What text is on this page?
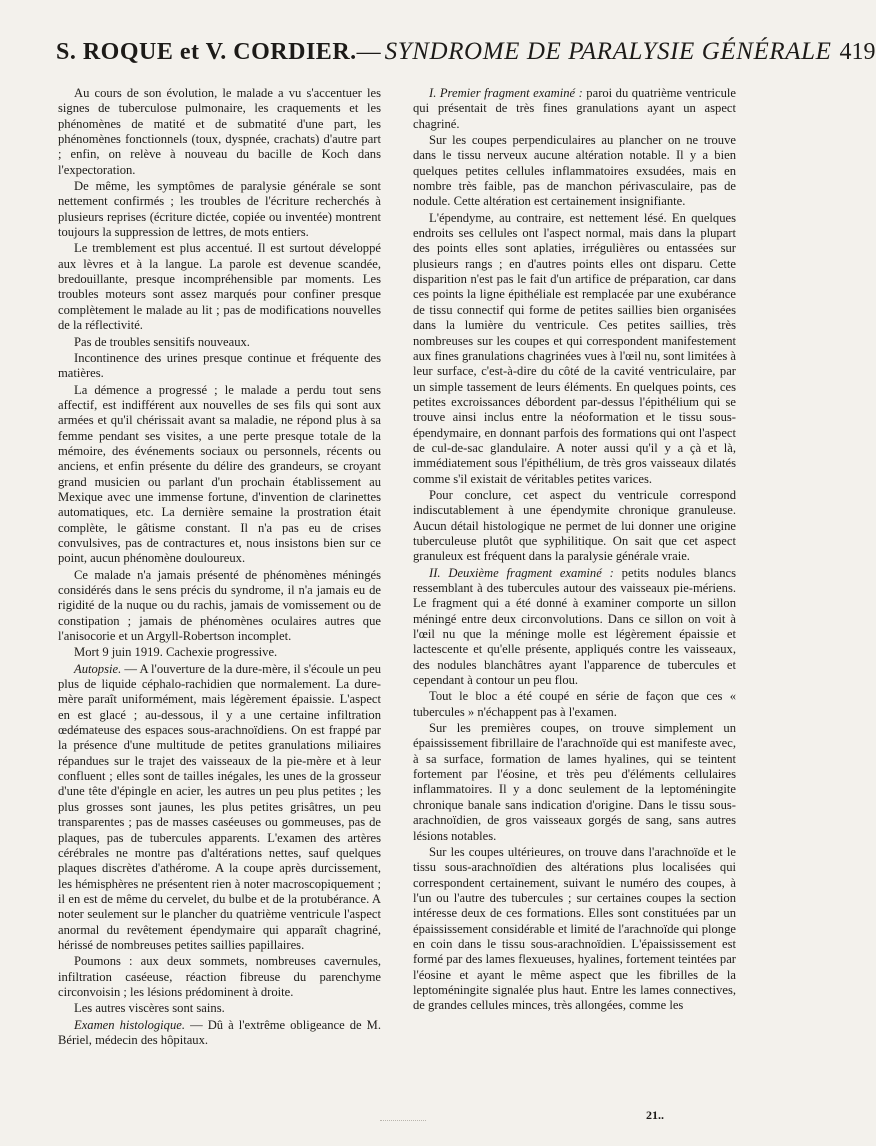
S. ROQUE et V. CORDIER.— SYNDROME DE PARALYSIE GÉNÉRALE 419

Au cours de son évolution, le malade a vu s'accentuer les signes de tuberculose pulmonaire, les craquements et les phénomènes de matité et de submatité d'une part, les phénomènes fonctionnels (toux, dyspnée, crachats) d'autre part ; enfin, on relève à nouveau du bacille de Koch dans l'expectoration.

De même, les symptômes de paralysie générale se sont nettement confirmés ; les troubles de l'écriture recherchés à plusieurs reprises (écriture dictée, copiée ou inventée) montrent toujours la suppression de lettres, de mots entiers.

Le tremblement est plus accentué. Il est surtout développé aux lèvres et à la langue. La parole est devenue scandée, bredouillante, presque incompréhensible par moments. Les troubles moteurs sont assez marqués pour confiner presque complètement le malade au lit ; pas de modifications nouvelles de la réflectivité.

Pas de troubles sensitifs nouveaux.

Incontinence des urines presque continue et fréquente des matières.

La démence a progressé ; le malade a perdu tout sens affectif, est indifférent aux nouvelles de ses fils qui sont aux armées et qu'il chérissait avant sa maladie, ne répond plus à sa femme pendant ses visites, a une perte presque totale de la mémoire, des événements sociaux ou personnels, récents ou anciens, et enfin présente du délire des grandeurs, se croyant grand musicien ou parlant d'un prochain établissement au Mexique avec une immense fortune, d'invention de clarinettes automatiques, etc. La dernière semaine la prostration était complète, le gâtisme constant. Il n'a pas eu de crises convulsives, pas de contractures et, nous insistons bien sur ce point, aucun phénomène douloureux.

Ce malade n'a jamais présenté de phénomènes méningés considérés dans le sens précis du syndrome, il n'a jamais eu de rigidité de la nuque ou du rachis, jamais de vomissement ou de constipation ; jamais de phénomènes oculaires autres que l'anisocorie et un Argyll-Robertson incomplet.

Mort 9 juin 1919. Cachexie progressive.

Autopsie. — A l'ouverture de la dure-mère, il s'écoule un peu plus de liquide céphalo-rachidien que normalement. La dure-mère paraît uniformément, mais légèrement épaissie. L'aspect en est glacé ; au-dessous, il y a une certaine infiltration œdémateuse des espaces sous-arachnoïdiens. On est frappé par la présence d'une multitude de petites granulations miliaires répandues sur le trajet des vaisseaux de la pie-mère et à leur confluent ; elles sont de tailles inégales, les unes de la grosseur d'une tête d'épingle en acier, les autres un peu plus petites ; les plus grosses sont jaunes, les plus petites grisâtres, un peu transparentes ; pas de masses caséeuses ou gommeuses, pas de plaques, pas de tubercules apparents. L'examen des artères cérébrales ne montre pas d'altérations nettes, sauf quelques plaques discrètes d'athérome. A la coupe après durcissement, les hémisphères ne présentent rien à noter macroscopiquement ; il en est de même du cervelet, du bulbe et de la protubérance. A noter seulement sur le plancher du quatrième ventricule l'aspect anormal du revêtement épendymaire qui apparaît chagriné, hérissé de nombreuses petites saillies papillaires.

Poumons : aux deux sommets, nombreuses cavernules, infiltration caséeuse, réaction fibreuse du parenchyme circonvoisin ; les lésions prédominent à droite.

Les autres viscères sont sains.

Examen histologique. — Dû à l'extrême obligeance de M. Bériel, médecin des hôpitaux.

I. Premier fragment examiné : paroi du quatrième ventricule qui présentait de très fines granulations ayant un aspect chagriné.

Sur les coupes perpendiculaires au plancher on ne trouve dans le tissu nerveux aucune altération notable. Il y a bien quelques petites cellules inflammatoires exsudées, mais en nombre très faible, pas de manchon périvasculaire, pas de nodule. Cette altération est certainement insignifiante.

L'épendyme, au contraire, est nettement lésé. En quelques endroits ses cellules ont l'aspect normal, mais dans la plupart des points elles sont aplaties, irrégulières ou entassées sur plusieurs rangs ; en d'autres points elles ont disparu. Cette disparition n'est pas le fait d'un artifice de préparation, car dans ces points la ligne épithéliale est remplacée par une exubérance de tissu connectif qui forme de petites saillies bien organisées dans la lumière du ventricule. Ces petites saillies, très nombreuses sur les coupes et qui correspondent manifestement aux fines granulations chagrinées vues à l'œil nu, sont limitées à leur surface, c'est-à-dire du côté de la cavité ventriculaire, par un simple tassement de leurs éléments. En quelques points, ces petites excroissances débordent par-dessus l'épithélium qui se trouve ainsi inclus entre la néoformation et le tissu sous-épendymaire, en donnant parfois des formations qui ont l'aspect de cul-de-sac glandulaire. A noter aussi qu'il y a çà et là, immédiatement sous l'épithélium, de très gros vaisseaux dilatés comme s'il existait de véritables petites varices.

Pour conclure, cet aspect du ventricule correspond indiscutablement à une épendymite chronique granuleuse. Aucun détail histologique ne permet de lui donner une origine tuberculeuse plutôt que syphilitique. On sait que cet aspect granuleux est fréquent dans la paralysie générale vraie.

II. Deuxième fragment examiné : petits nodules blancs ressemblant à des tubercules autour des vaisseaux pie-mériens. Le fragment qui a été donné à examiner comporte un sillon méningé entre deux circonvolutions. Dans ce sillon on voit à l'œil nu que la méninge molle est légèrement épaissie et lactescente et qu'elle présente, appliqués contre les vaisseaux, des nodules blanchâtres ayant l'apparence de tubercules et cependant à contour un peu flou.

Tout le bloc a été coupé en série de façon que ces « tubercules » n'échappent pas à l'examen.

Sur les premières coupes, on trouve simplement un épaississement fibrillaire de l'arachnoïde qui est manifeste avec, à sa surface, formation de lames hyalines, qui se teintent fortement par l'éosine, et très peu d'éléments cellulaires inflammatoires. Il y a donc seulement de la leptoméningite chronique banale sans indication d'origine. Dans le tissu sous-arachnoïdien, de gros vaisseaux gorgés de sang, sans autres lésions notables.

Sur les coupes ultérieures, on trouve dans l'arachnoïde et le tissu sous-arachnoïdien des altérations plus localisées qui correspondent certainement, suivant le numéro des coupes, à l'un ou l'autre des tubercules ; sur certaines coupes la section intéresse deux de ces formations. Elles sont constituées par un épaississement considérable et limité de l'arachnoïde qui plonge en coin dans le tissu sous-arachnoïdien. L'épaississement est formé par des lames flexueuses, hyalines, fortement teintées par l'éosine et ayant le même aspect que les fibrilles de la leptoméningite signalée plus haut. Entre les lames connectives, de grandes cellules minces, très allongées, comme les

21..
